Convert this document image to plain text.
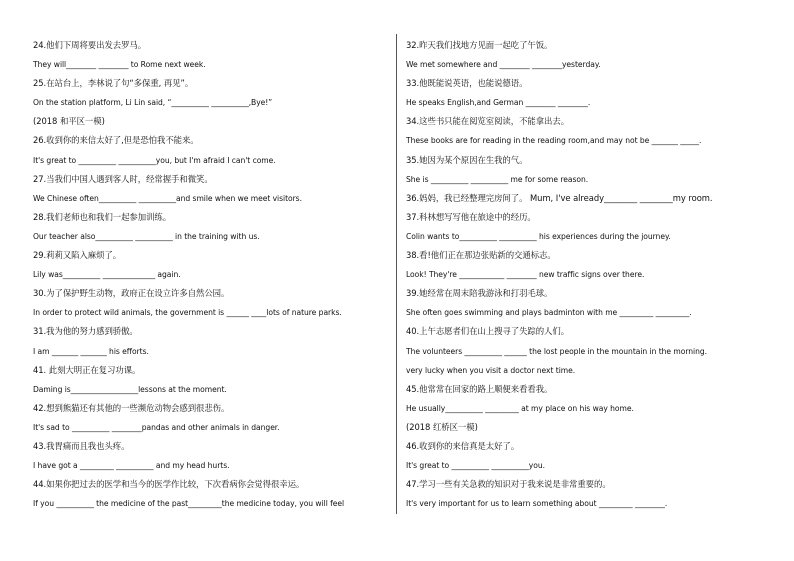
24.他们下周将要出发去罗马。
They will________ ________ to Rome next week.
25.在站台上，李林说了句“多保重, 再见”。
On the station platform, Li Lin said, “__________ __________,Bye!”
(2018 和平区一模)
26.收到你的来信太好了,但是恐怕我不能来。
It's great to __________ __________you, but I'm afraid I can't come.
27.当我们中国人遇到客人时，经常握手和微笑。
We Chinese often__________ __________and smile when we meet visitors.
28.我们老师也和我们一起参加训练。
Our teacher also__________ __________ in the training with us.
29.莉莉又陷入麻烦了。
Lily was__________ ______________ again.
30.为了保护野生动物，政府正在设立许多自然公园。
In order to protect wild animals, the government is ______ ____lots of nature parks.
31.我为他的努力感到骄傲。
I am _______ _______ his efforts.
41. 此刻大明正在复习功课。
Daming is__________________lessons at the moment.
42.想到熊猫还有其他的一些濒危动物会感到很悲伤。
It's sad to __________ ________pandas and other animals in danger.
43.我胃痛而且我也头疼。
I have got a _________ __________ and my head hurts.
44.如果你把过去的医学和当今的医学作比较，下次看病你会觉得很幸运。
If you __________ the medicine of the past_________the medicine today, you will feel
32.昨天我们找地方见面一起吃了午饭。
We met somewhere and ________ ________yesterday.
33.他既能说英语，也能说德语。
He speaks English,and German ________ ________.
34.这些书只能在阅览室阅读，不能拿出去。
These books are for reading in the reading room,and may not be _______ _____.
35.她因为某个原因在生我的气。
She is __________ __________ me for some reason.
36.妈妈，我已经整理完房间了。 Mum, I've already________ ________my room.
37.科林想写写他在旅途中的经历。
Colin wants to__________ __________ his experiences during the journey.
38.看!他们正在那边张贴新的交通标志。
Look! They're ____________ ________ new traffic signs over there.
39.她经常在周末陪我游泳和打羽毛球。
She often goes swimming and plays badminton with me _________ _________.
40.上午志愿者们在山上搜寻了失踪的人们。
The volunteers __________ ______ the lost people in the mountain in the morning.
very lucky when you visit a doctor next time.
45.他常常在回家的路上顺便来看看我。
He usually__________ _________ at my place on his way home.
(2018 红桥区一模)
46.收到你的来信真是太好了。
It's great to __________ __________you.
47.学习一些有关急救的知识对于我来说是非常重要的。
It's very important for us to learn something about _________ ________.
